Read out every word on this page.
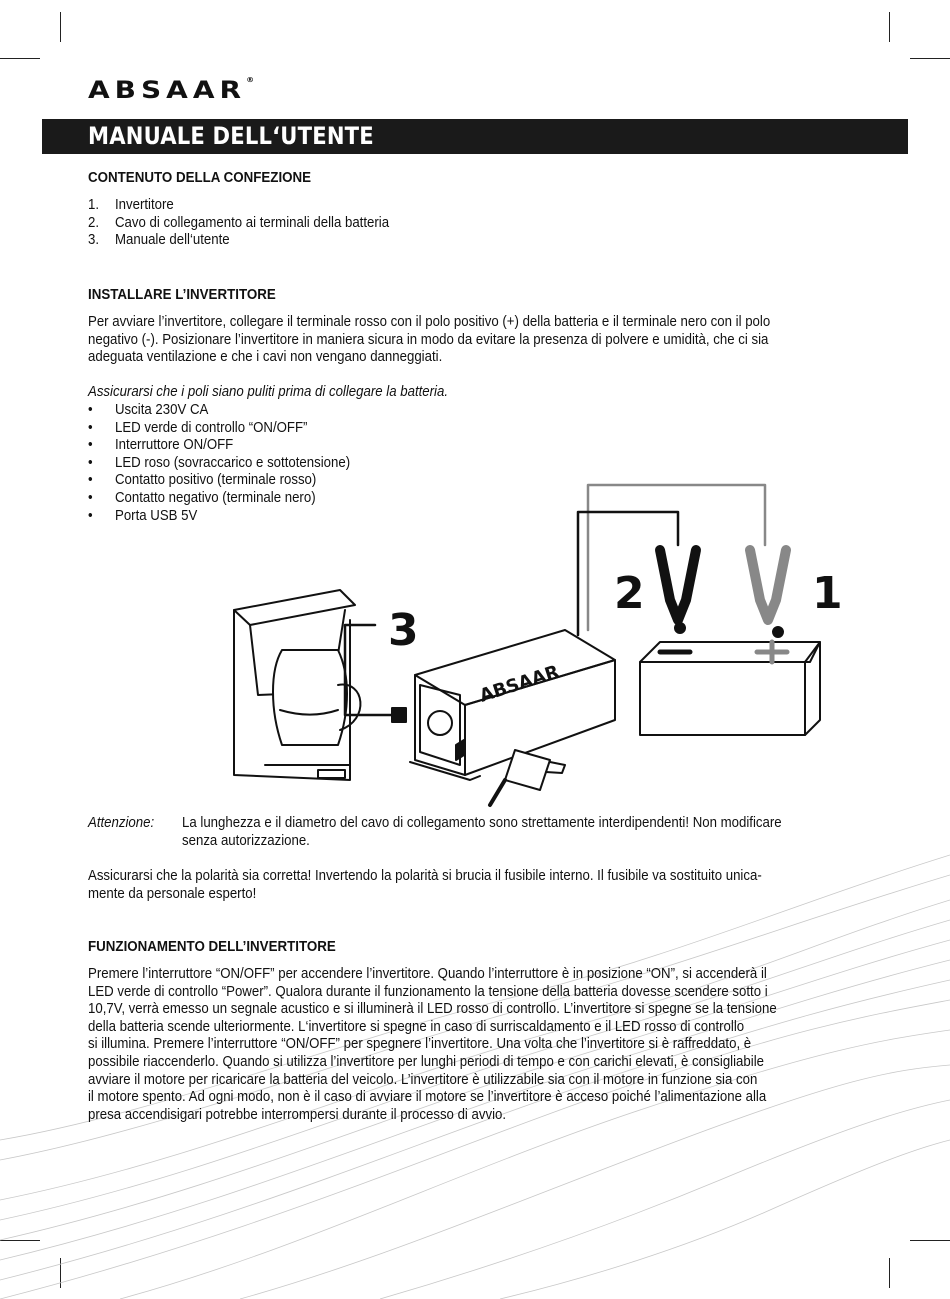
ABSAAR®
MANUALE DELL‘UTENTE
CONTENUTO DELLA CONFEZIONE
1. Invertitore
2. Cavo di collegamento ai terminali della batteria
3. Manuale dell‘utente
INSTALLARE L’INVERTITORE
Per avviare l’invertitore, collegare il terminale rosso con il polo positivo (+) della batteria e il terminale nero con il polo
negativo (-). Posizionare l’invertitore in maniera sicura in modo da evitare la presenza di polvere e umidità, che ci sia
adeguata ventilazione e che i cavi non vengano danneggiati.
Assicurarsi che i poli siano puliti prima di collegare la batteria.
• Uscita 230V CA
• LED verde di controllo “ON/OFF”
• Interruttore ON/OFF
• LED roso (sovraccarico e sottotensione)
• Contatto positivo (terminale rosso)
• Contatto negativo (terminale nero)
• Porta USB 5V
ABSAAR
3
2	1
Attenzione: La lunghezza e il diametro del cavo di collegamento sono strettamente interdipendenti! Non modificare
senza autorizzazione.
Assicurarsi che la polarità sia corretta! Invertendo la polarità si brucia il fusibile interno. Il fusibile va sostituito unica-
mente da personale esperto!
FUNZIONAMENTO DELL’INVERTITORE
Premere l’interruttore “ON/OFF” per accendere l’invertitore. Quando l’interruttore è in posizione “ON”, si accenderà il
LED verde di controllo “Power”. Qualora durante il funzionamento la tensione della batteria dovesse scendere sotto i
10,7V, verrà emesso un segnale acustico e si illuminerà il LED rosso di controllo. L’invertitore si spegne se la tensione
della batteria scende ulteriormente. L‘invertitore si spegne in caso di surriscaldamento e il LED rosso di controllo
si illumina. Premere l’interruttore “ON/OFF” per spegnere l’invertitore. Una volta che l’invertitore si è raffreddato, è
possibile riaccenderlo. Quando si utilizza l’invertitore per lunghi periodi di tempo e con carichi elevati, è consigliabile
avviare il motore per ricaricare la batteria del veicolo. L’invertitore è utilizzabile sia con il motore in funzione sia con
il motore spento. Ad ogni modo, non è il caso di avviare il motore se l’invertitore è acceso poiché l’alimentazione alla
presa accendisigari potrebbe interrompersi durante il processo di avvio.
